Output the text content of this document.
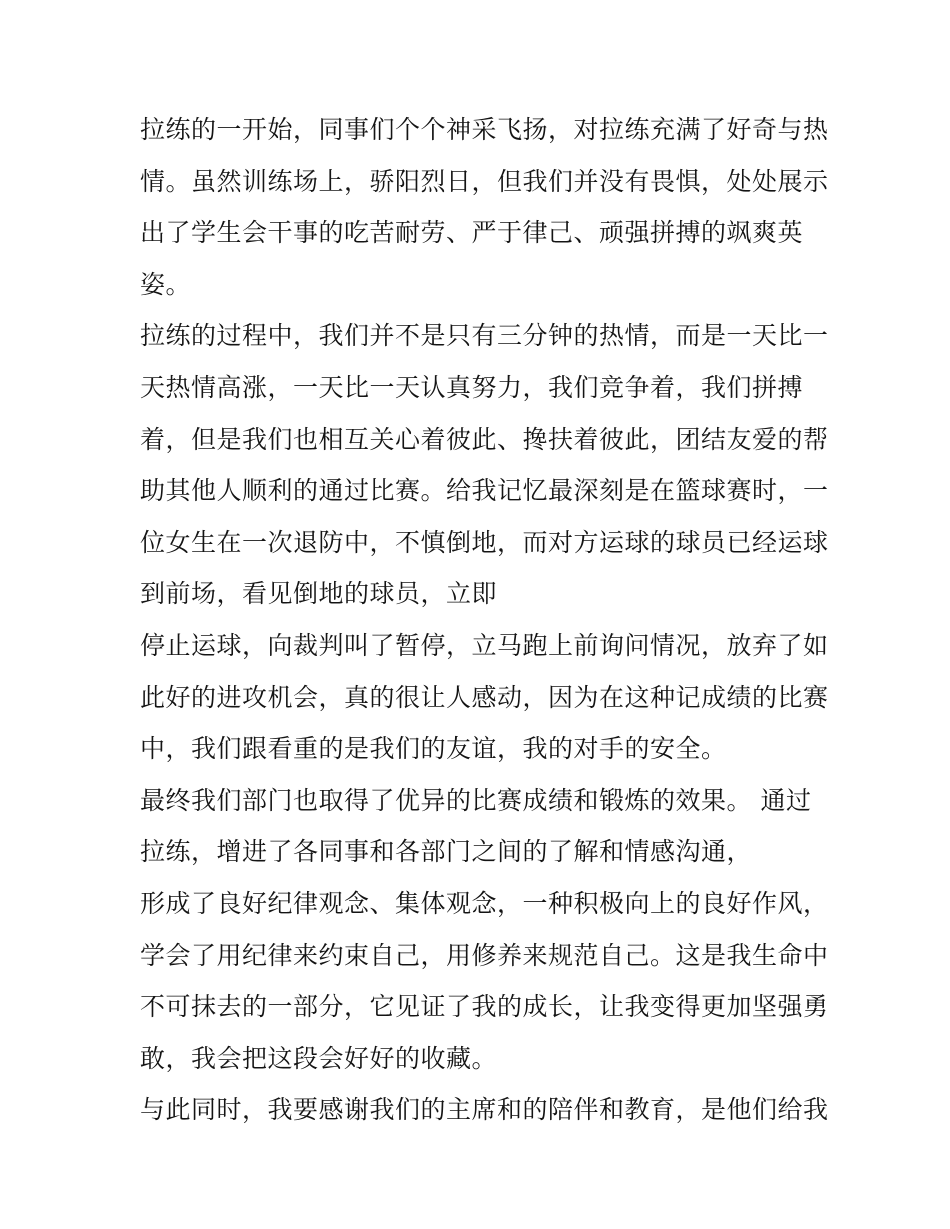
拉练的一开始，同事们个个神采飞扬，对拉练充满了好奇与热
情。虽然训练场上，骄阳烈日，但我们并没有畏惧，处处展示
出了学生会干事的吃苦耐劳、严于律己、顽强拼搏的飒爽英
姿。
拉练的过程中，我们并不是只有三分钟的热情，而是一天比一
天热情高涨，一天比一天认真努力，我们竞争着，我们拼搏
着，但是我们也相互关心着彼此、搀扶着彼此，团结友爱的帮
助其他人顺利的通过比赛。给我记忆最深刻是在篮球赛时，一
位女生在一次退防中，不慎倒地，而对方运球的球员已经运球
到前场，看见倒地的球员，立即
停止运球，向裁判叫了暂停，立马跑上前询问情况，放弃了如
此好的进攻机会，真的很让人感动，因为在这种记成绩的比赛
中，我们跟看重的是我们的友谊，我的对手的安全。
最终我们部门也取得了优异的比赛成绩和锻炼的效果。 通过
拉练，增进了各同事和各部门之间的了解和情感沟通，
形成了良好纪律观念、集体观念，一种积极向上的良好作风，
学会了用纪律来约束自己，用修养来规范自己。这是我生命中
不可抹去的一部分，它见证了我的成长，让我变得更加坚强勇
敢，我会把这段会好好的收藏。
与此同时，我要感谢我们的主席和的陪伴和教育，是他们给我
